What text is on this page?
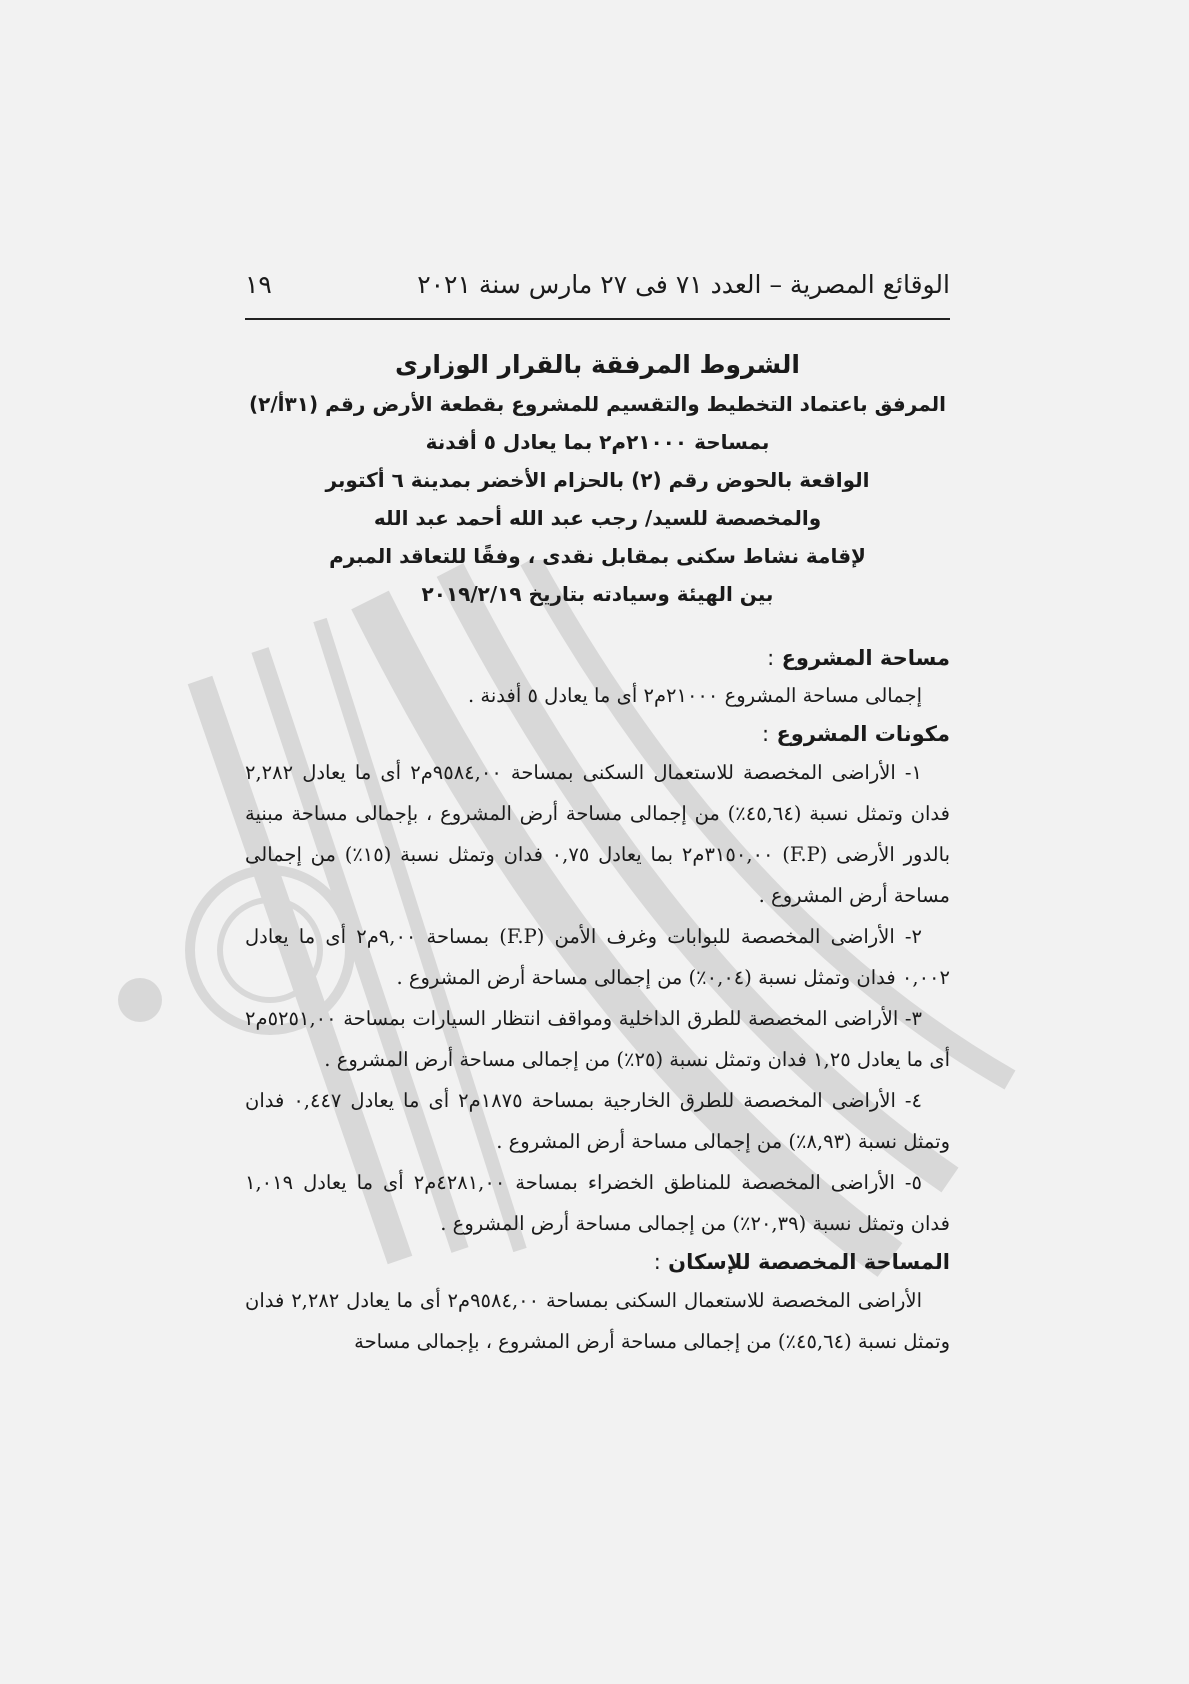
الوقائع المصرية – العدد ٧١ فى ٢٧ مارس سنة ٢٠٢١
١٩
الشروط المرفقة بالقرار الوزارى
المرفق باعتماد التخطيط والتقسيم للمشروع بقطعة الأرض رقم (٣١أ/٢)
بمساحة ٢١٠٠٠م٢ بما يعادل ٥ أفدنة
الواقعة بالحوض رقم (٢) بالحزام الأخضر بمدينة ٦ أكتوبر
والمخصصة للسيد/ رجب عبد الله أحمد عبد الله
لإقامة نشاط سكنى بمقابل نقدى ، وفقًا للتعاقد المبرم
بين الهيئة وسيادته بتاريخ ٢٠١٩/٢/١٩
مساحة المشروع :
إجمالى مساحة المشروع ٢١٠٠٠م٢ أى ما يعادل ٥ أفدنة .
مكونات المشروع :

١- الأراضى المخصصة للاستعمال السكنى بمساحة ٩٥٨٤,٠٠م٢ أى ما يعادل ٢,٢٨٢ فدان وتمثل نسبة (٤٥,٦٤٪) من إجمالى مساحة أرض المشروع ، بإجمالى مساحة مبنية بالدور الأرضى (F.P) ٣١٥٠,٠٠م٢ بما يعادل ٠,٧٥ فدان وتمثل نسبة (١٥٪) من إجمالى مساحة أرض المشروع .

٢- الأراضى المخصصة للبوابات وغرف الأمن (F.P) بمساحة ٩,٠٠م٢ أى ما يعادل ٠,٠٠٢ فدان وتمثل نسبة (٠,٠٤٪) من إجمالى مساحة أرض المشروع .

٣- الأراضى المخصصة للطرق الداخلية ومواقف انتظار السيارات بمساحة ٥٢٥١,٠٠م٢ أى ما يعادل ١,٢٥ فدان وتمثل نسبة (٢٥٪) من إجمالى مساحة أرض المشروع .

٤- الأراضى المخصصة للطرق الخارجية بمساحة ١٨٧٥م٢ أى ما يعادل ٠,٤٤٧ فدان وتمثل نسبة (٨,٩٣٪) من إجمالى مساحة أرض المشروع .

٥- الأراضى المخصصة للمناطق الخضراء بمساحة ٤٢٨١,٠٠م٢ أى ما يعادل ١,٠١٩ فدان وتمثل نسبة (٢٠,٣٩٪) من إجمالى مساحة أرض المشروع .

المساحة المخصصة للإسكان :

الأراضى المخصصة للاستعمال السكنى بمساحة ٩٥٨٤,٠٠م٢ أى ما يعادل ٢,٢٨٢ فدان وتمثل نسبة (٤٥,٦٤٪) من إجمالى مساحة أرض المشروع ، بإجمالى مساحة
